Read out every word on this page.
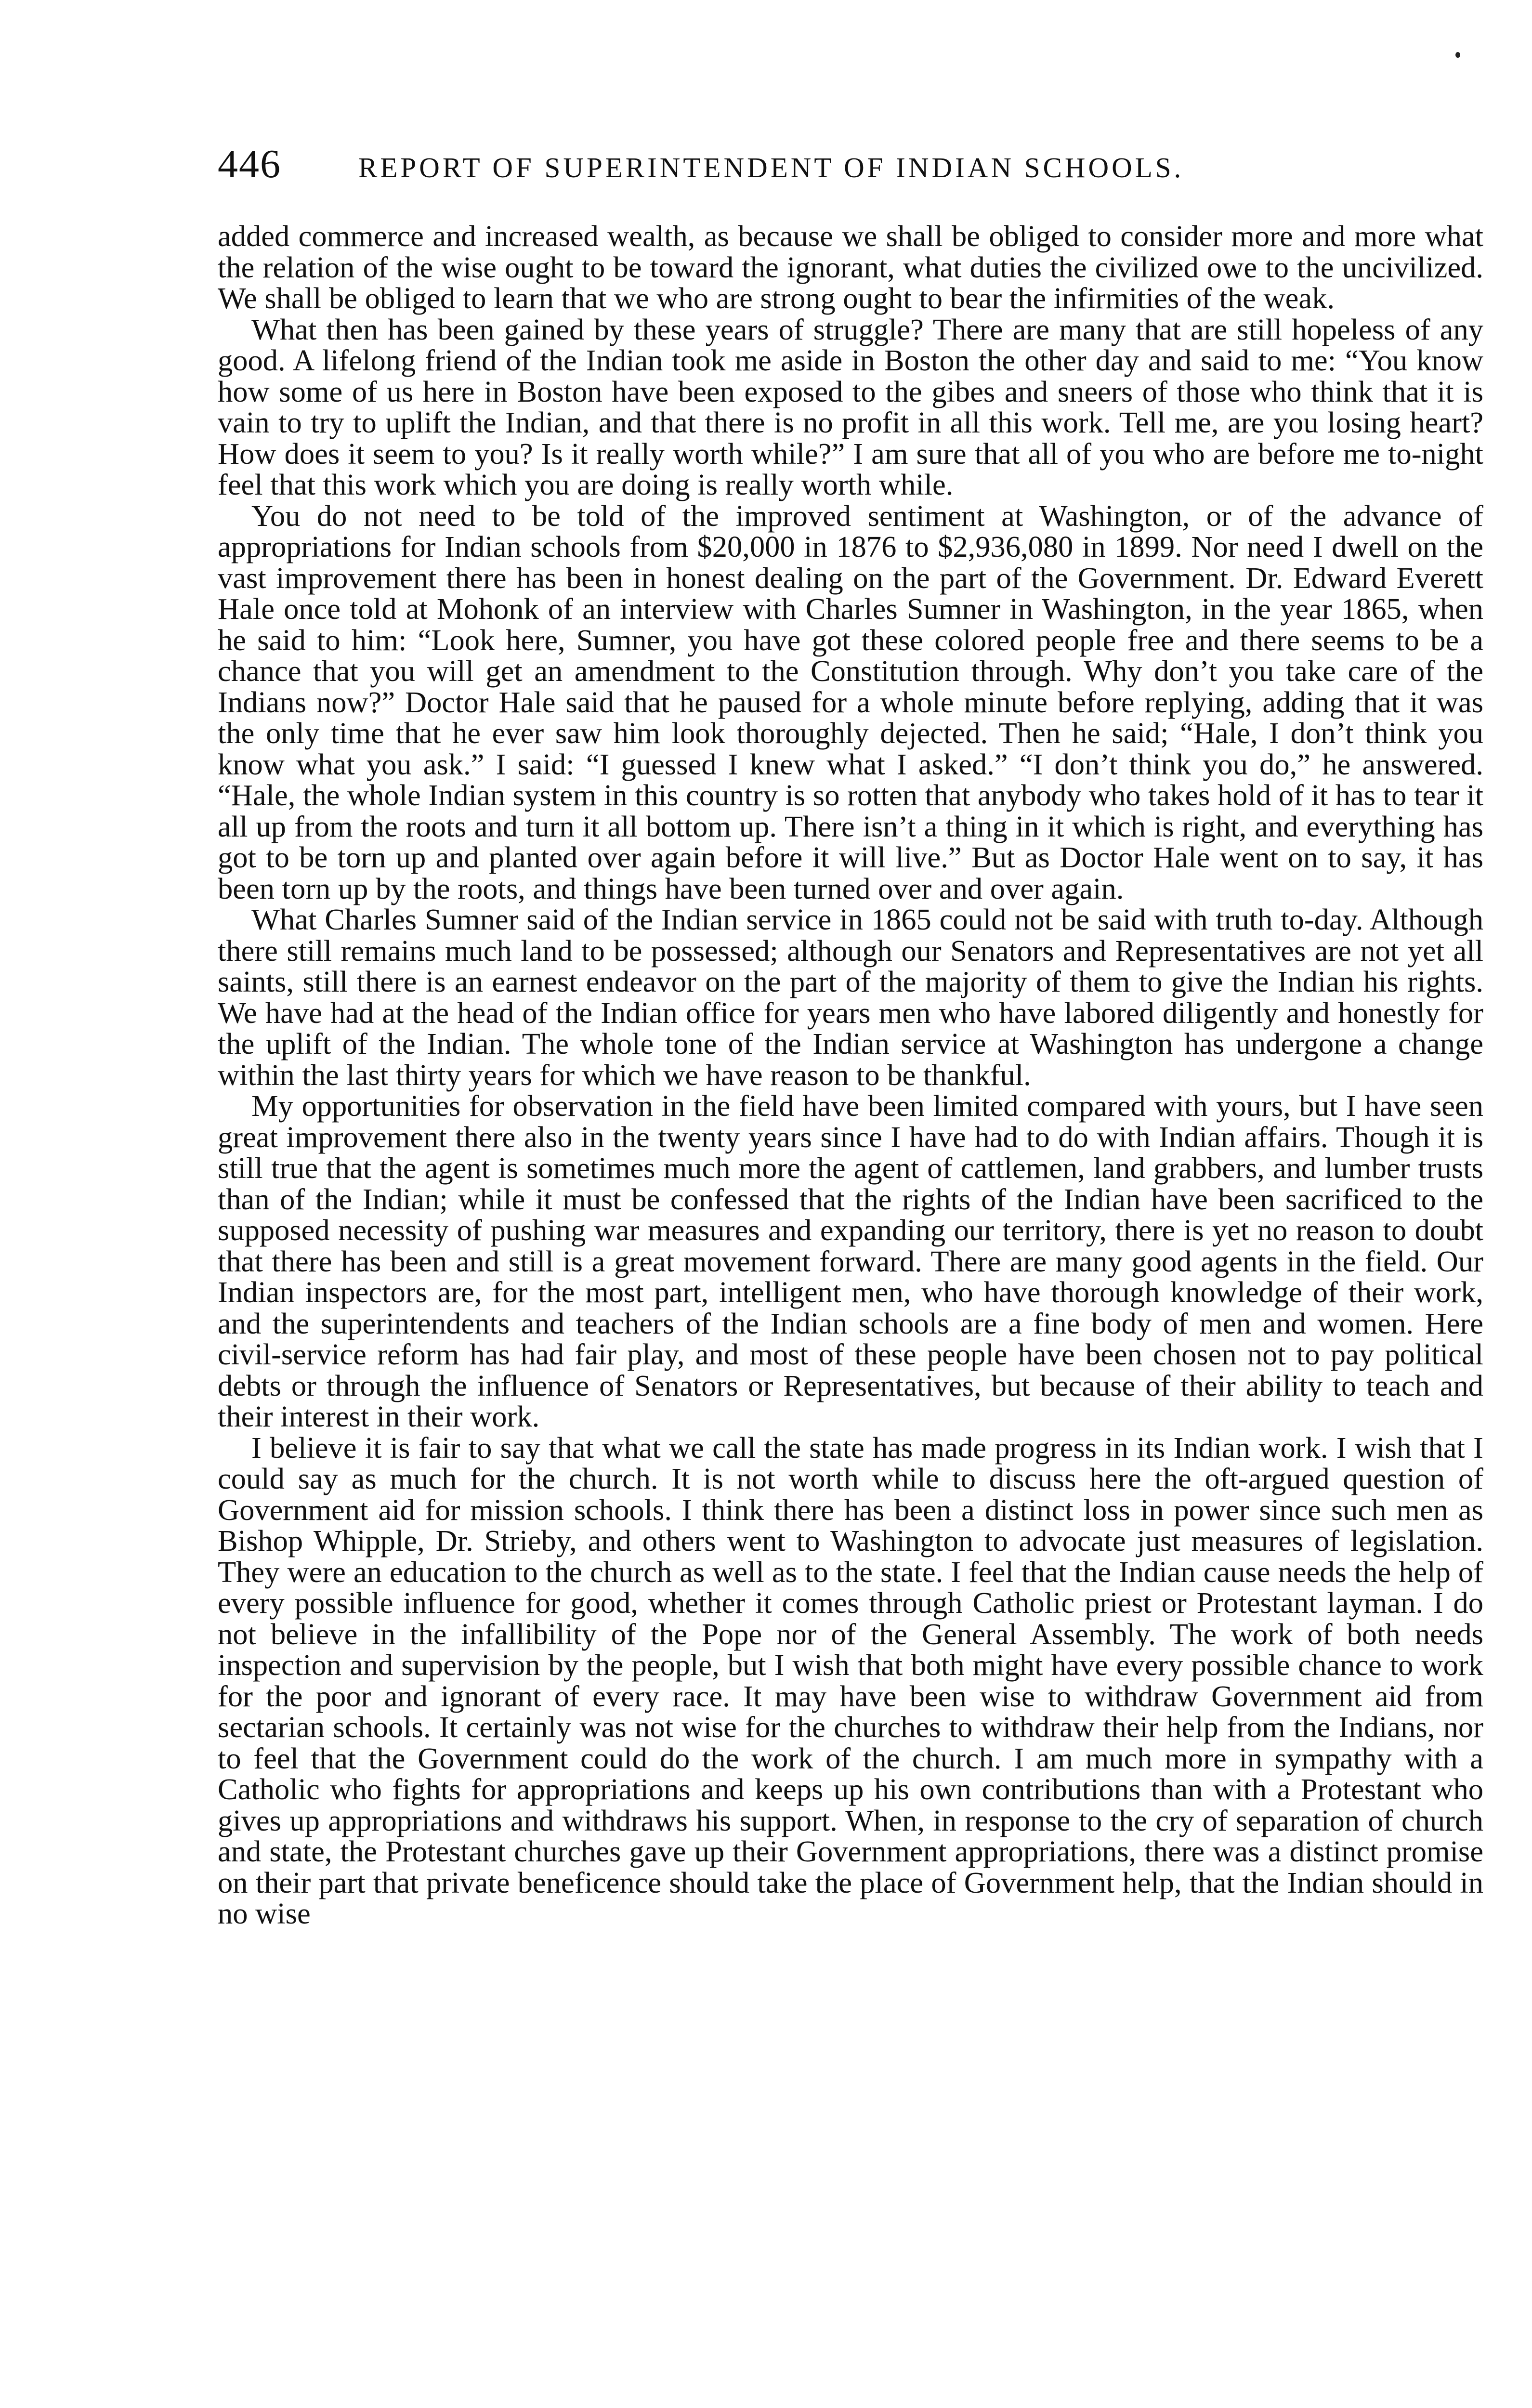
446	REPORT OF SUPERINTENDENT OF INDIAN SCHOOLS.

added commerce and increased wealth, as because we shall be obliged to consider more and more what the relation of the wise ought to be toward the ignorant, what duties the civilized owe to the uncivilized. We shall be obliged to learn that we who are strong ought to bear the infirmities of the weak.

What then has been gained by these years of struggle? There are many that are still hopeless of any good. A lifelong friend of the Indian took me aside in Boston the other day and said to me: “You know how some of us here in Boston have been exposed to the gibes and sneers of those who think that it is vain to try to uplift the Indian, and that there is no profit in all this work. Tell me, are you losing heart? How does it seem to you? Is it really worth while?” I am sure that all of you who are before me to-night feel that this work which you are doing is really worth while.

You do not need to be told of the improved sentiment at Washington, or of the advance of appropriations for Indian schools from $20,000 in 1876 to $2,936,080 in 1899. Nor need I dwell on the vast improvement there has been in honest dealing on the part of the Government. Dr. Edward Everett Hale once told at Mohonk of an interview with Charles Sumner in Washington, in the year 1865, when he said to him: “Look here, Sumner, you have got these colored people free and there seems to be a chance that you will get an amendment to the Constitution through. Why don’t you take care of the Indians now?” Doctor Hale said that he paused for a whole minute before replying, adding that it was the only time that he ever saw him look thoroughly dejected. Then he said; “Hale, I don’t think you know what you ask.” I said: “I guessed I knew what I asked.” “I don’t think you do,” he answered. “Hale, the whole Indian system in this country is so rotten that anybody who takes hold of it has to tear it all up from the roots and turn it all bottom up. There isn’t a thing in it which is right, and everything has got to be torn up and planted over again before it will live.” But as Doctor Hale went on to say, it has been torn up by the roots, and things have been turned over and over again.

What Charles Sumner said of the Indian service in 1865 could not be said with truth to-day. Although there still remains much land to be possessed; although our Senators and Representatives are not yet all saints, still there is an earnest endeavor on the part of the majority of them to give the Indian his rights. We have had at the head of the Indian office for years men who have labored diligently and honestly for the uplift of the Indian. The whole tone of the Indian service at Washington has undergone a change within the last thirty years for which we have reason to be thankful.

My opportunities for observation in the field have been limited compared with yours, but I have seen great improvement there also in the twenty years since I have had to do with Indian affairs. Though it is still true that the agent is sometimes much more the agent of cattlemen, land grabbers, and lumber trusts than of the Indian; while it must be confessed that the rights of the Indian have been sacrificed to the supposed necessity of pushing war measures and expanding our territory, there is yet no reason to doubt that there has been and still is a great movement forward. There are many good agents in the field. Our Indian inspectors are, for the most part, intelligent men, who have thorough knowledge of their work, and the superintendents and teachers of the Indian schools are a fine body of men and women. Here civil-service reform has had fair play, and most of these people have been chosen not to pay political debts or through the influence of Senators or Representatives, but because of their ability to teach and their interest in their work.

I believe it is fair to say that what we call the state has made progress in its Indian work. I wish that I could say as much for the church. It is not worth while to discuss here the oft-argued question of Government aid for mission schools. I think there has been a distinct loss in power since such men as Bishop Whipple, Dr. Strieby, and others went to Washington to advocate just measures of legislation. They were an education to the church as well as to the state. I feel that the Indian cause needs the help of every possible influence for good, whether it comes through Catholic priest or Protestant layman. I do not believe in the infallibility of the Pope nor of the General Assembly. The work of both needs inspection and supervision by the people, but I wish that both might have every possible chance to work for the poor and ignorant of every race. It may have been wise to withdraw Government aid from sectarian schools. It certainly was not wise for the churches to withdraw their help from the Indians, nor to feel that the Government could do the work of the church. I am much more in sympathy with a Catholic who fights for appropriations and keeps up his own contributions than with a Protestant who gives up appropriations and withdraws his support. When, in response to the cry of separation of church and state, the Protestant churches gave up their Government appropriations, there was a distinct promise on their part that private beneficence should take the place of Government help, that the Indian should in no wise
